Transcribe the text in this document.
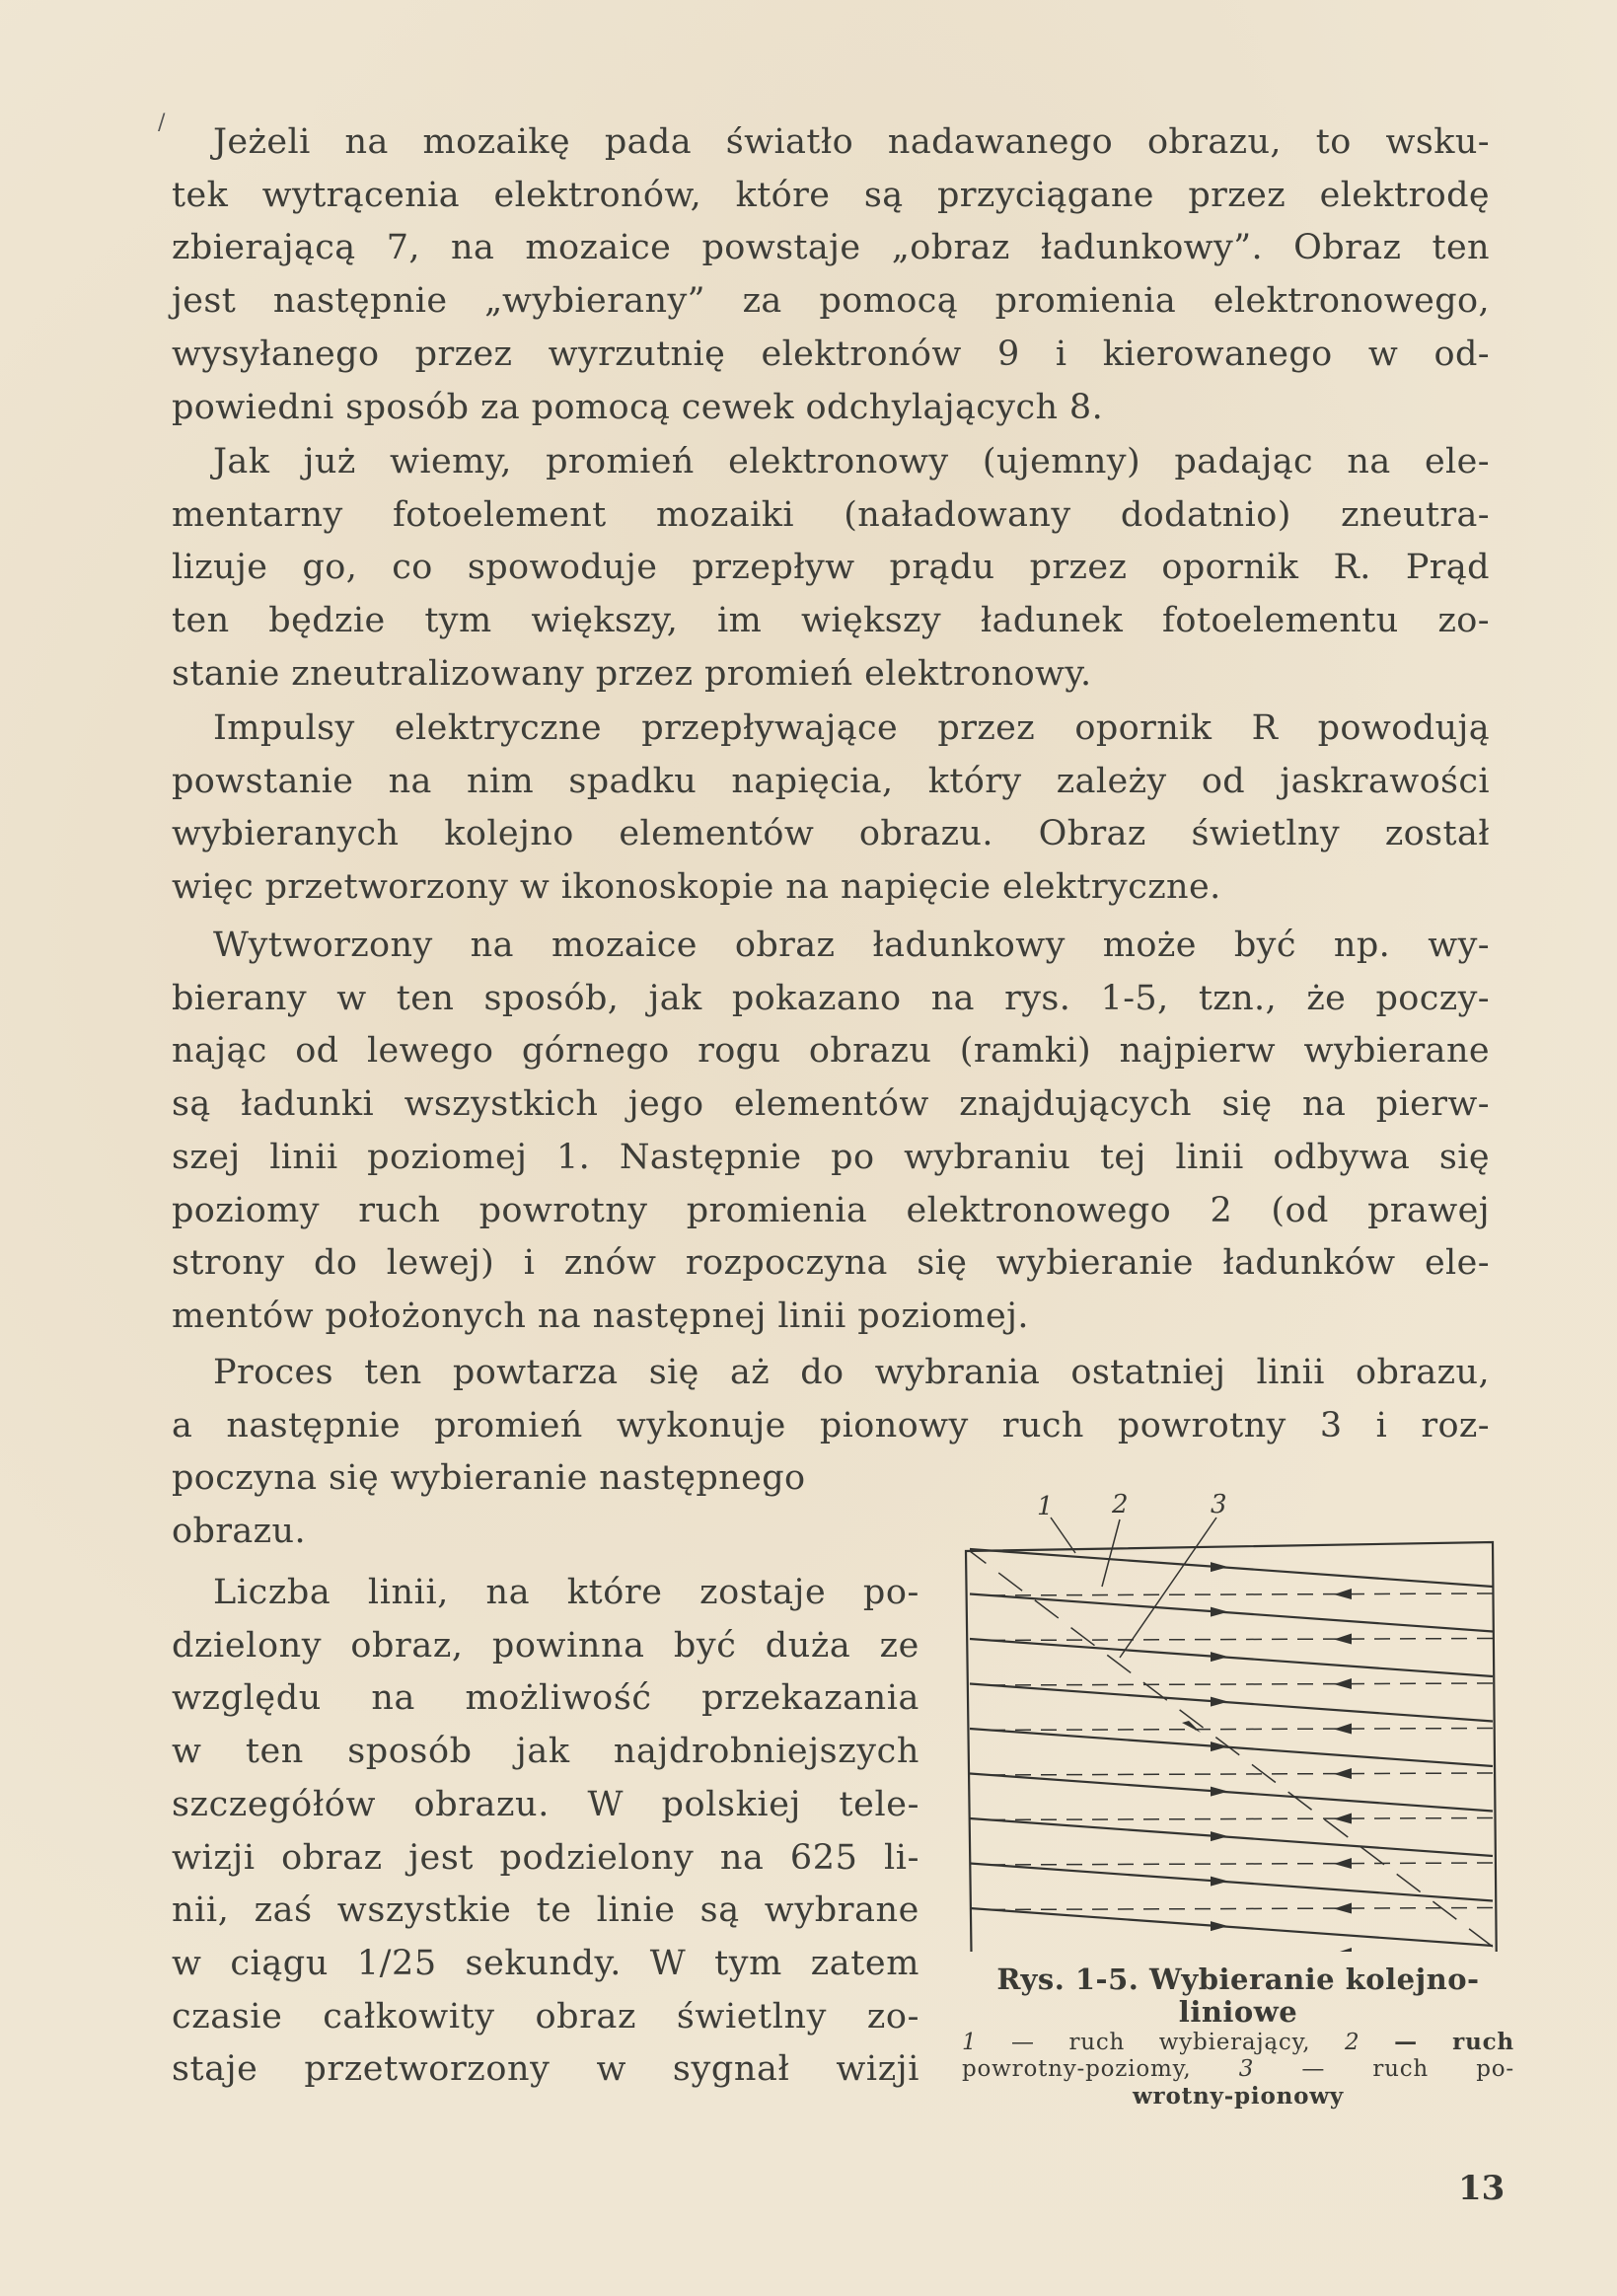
/	Jeżeli na mozaikę pada światło nadawanego obrazu, to wsku-
tek wytrącenia elektronów, które są przyciągane przez elektrodę
zbierającą 7, na mozaice powstaje „obraz ładunkowy”. Obraz ten
jest następnie „wybierany” za pomocą promienia elektronowego,
wysyłanego przez wyrzutnię elektronów 9 i kierowanego w od-
powiedni sposób za pomocą cewek odchylających 8.

Jak już wiemy, promień elektronowy (ujemny) padając na ele-
mentarny fotoelement mozaiki (naładowany dodatnio) zneutra-
lizuje go, co spowoduje przepływ prądu przez opornik R. Prąd
ten będzie tym większy, im większy ładunek fotoelementu zo-
stanie zneutralizowany przez promień elektronowy.

Impulsy elektryczne przepływające przez opornik R powodują
powstanie na nim spadku napięcia, który zależy od jaskrawości
wybieranych kolejno elementów obrazu. Obraz świetlny został
więc przetworzony w ikonoskopie na napięcie elektryczne.

Wytworzony na mozaice obraz ładunkowy może być np. wy-
bierany w ten sposób, jak pokazano na rys. 1-5, tzn., że poczy-
nając od lewego górnego rogu obrazu (ramki) najpierw wybierane
są ładunki wszystkich jego elementów znajdujących się na pierw-
szej linii poziomej 1. Następnie po wybraniu tej linii odbywa się
poziomy ruch powrotny promienia elektronowego 2 (od prawej
strony do lewej) i znów rozpoczyna się wybieranie ładunków ele-
mentów położonych na następnej linii poziomej.

Proces ten powtarza się aż do wybrania ostatniej linii obrazu,
a następnie promień wykonuje pionowy ruch powrotny 3 i roz-
poczyna się wybieranie następnego
obrazu.

Liczba linii, na które zostaje po-
dzielony obraz, powinna być duża ze
względu na możliwość przekazania
w ten sposób jak najdrobniejszych
szczegółów obrazu. W polskiej tele-
wizji obraz jest podzielony na 625 li-
nii, zaś wszystkie te linie są wybrane
w ciągu 1/25 sekundy. W tym zatem
czasie całkowity obraz świetlny zo-
staje przetworzony w sygnał wizji

1 2	3
Rys. 1-5. Wybieranie kolejno-
liniowe
1 — ruch wybierający, 2 — ruch
powrotny-poziomy, 3 — ruch po-
wrotny-pionowy
13
